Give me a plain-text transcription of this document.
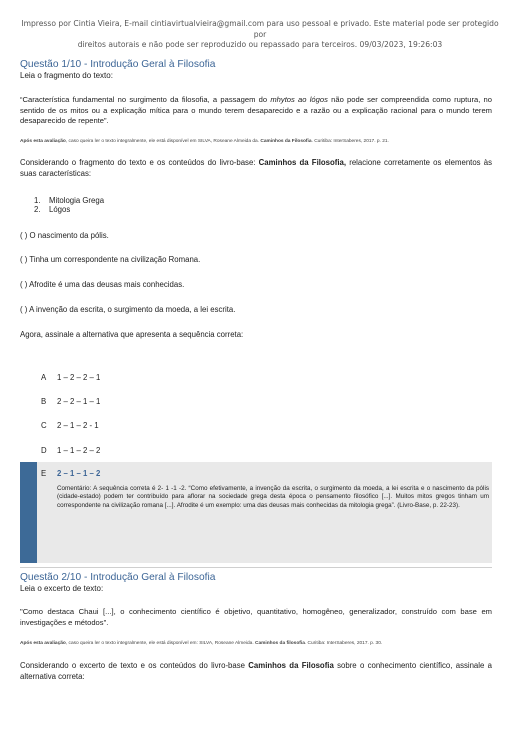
Impresso por Cintia Vieira, E-mail cintiavirtualvieira@gmail.com para uso pessoal e privado. Este material pode ser protegido por
direitos autorais e não pode ser reproduzido ou repassado para terceiros. 09/03/2023, 19:26:03
Questão 1/10 - Introdução Geral à Filosofia
Leia o fragmento do texto:
“Característica fundamental no surgimento da filosofia, a passagem do mhytos ao lógos não pode ser compreendida como ruptura, no sentido de os mitos ou a explicação mítica para o mundo terem desaparecido e a razão ou a explicação racional para o mundo terem desaparecido de repente”.
Após esta avaliação, caso queira ler o texto integralmente, ele está disponível em SILVA, Roseane Almeida da. Caminhos da Filosofia. Curitiba: InterSaberes, 2017. p. 21.
Considerando o fragmento do texto e os conteúdos do livro-base: Caminhos da Filosofia, relacione corretamente os elementos às suas características:
1. Mitologia Grega
2. Lógos
( ) O nascimento da pólis.
( ) Tinha um correspondente na civilização Romana.
( ) Afrodite é uma das deusas mais conhecidas.
( ) A invenção da escrita, o surgimento da moeda, a lei escrita.
Agora, assinale a alternativa que apresenta a sequência correta:
A 1 – 2 – 2 – 1
B 2 – 2 – 1 – 1
C 2 – 1 – 2 - 1
D 1 – 1 – 2 – 2
E 2 – 1 – 1 – 2
Comentário: A sequência correta é 2- 1 -1 -2. “Como efetivamente, a invenção da escrita, o surgimento da moeda, a lei escrita e o nascimento da pólis (cidade-estado) podem ter contribuído para aflorar na sociedade grega desta época o pensamento filosófico [...]. Muitos mitos gregos tinham um correspondente na civilização romana [...]. Afrodite é um exemplo: uma das deusas mais conhecidas da mitologia grega”. (Livro-Base, p. 22-23).
Questão 2/10 - Introdução Geral à Filosofia
Leia o excerto de texto:
"Como destaca Chaui [...], o conhecimento científico é objetivo, quantitativo, homogêneo, generalizador, construído com base em investigações e métodos".
Após esta avaliação, caso queira ler o texto integralmente, ele está disponível em: SILVA, Roseane Almeida. Caminhos da filosofia. Curitiba: InterSaberes, 2017. p. 30.
Considerando o excerto de texto e os conteúdos do livro-base Caminhos da Filosofia sobre o conhecimento científico, assinale a alternativa correta:
